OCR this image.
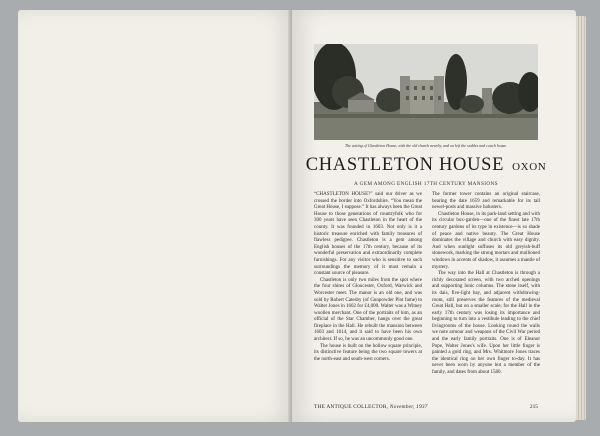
The setting of Chastleton House, with the old church nearby, and on left the stables and coach house.
CHASTLETON HOUSE OXON
A GEM AMONG ENGLISH 17TH CENTURY MANSIONS

“CHASTLETON HOUSE?” said our driver as we crossed the border into Oxfordshire. “You mean the Great House, I suppose.” It has always been the Great House to those generations of countryfolk who for 300 years have seen Chastleton in the heart of the county. It was founded in 1603. Not only is it a historic treasure enriched with family treasures of flawless pedigree. Chastleton is a gem among English houses of the 17th century, because of its wonderful preservation and extraordinarily complete furnishings. For any visitor who is sensitive to such surroundings the memory of it must remain a constant source of pleasure.

Chastleton is only two miles from the spot where the four shires of Gloucester, Oxford, Warwick and Worcester meet. The manor is an old one, and was sold by Robert Catesby (of Gunpowder Plot fame) to Walter Jones in 1602 for £4,000. Walter was a Witney woollen merchant. One of the portraits of him, as an official of the Star Chamber, hangs over the great fireplace in the Hall. He rebuilt the mansion between 1603 and 1614, and it said to have been his own architect. If so, he was an uncommonly good one.

The house is built on the hollow square principle, its distinctive feature being the two square towers at the north-east and south-west corners.

The former tower contains an original staircase, bearing the date 1659 and remarkable for its tall newel-posts and massive balusters.

Chastleton House, in its park-land setting and with its circular box-garden—one of the finest late 17th century gardens of its type in existence—is so shade of peace and native beauty. The Great House dominates the village and church with easy dignity. And when sunlight suffuses its old greyish-buff stonework, marking the strong mortars and mullioned windows in accents of shadow, it assumes a mantle of mystery.

The way into the Hall at Chastleton is through a richly decorated screen, with two arched openings and supporting Ionic columns. The stone itself, with its dais, five-light bay, and adjacent withdrawing-room, still preserves the features of the medieval Great Hall, but on a smaller scale; for the Hall in the early 17th century was losing its importance and beginning to turn into a vestibule leading to the chief livingrooms of the house. Looking round the walls we note armour and weapons of the Civil War period and the early family portraits. One is of Eleanor Pope, Walter Jones's wife. Upon her little finger is painted a gold ring, and Mrs. Whitmore Jones traces the identical ring on her own finger to-day. It has never been worn by anyone but a member of the family, and dates from about 1580.

THE ANTIQUE COLLECTOR, November, 1937	215
